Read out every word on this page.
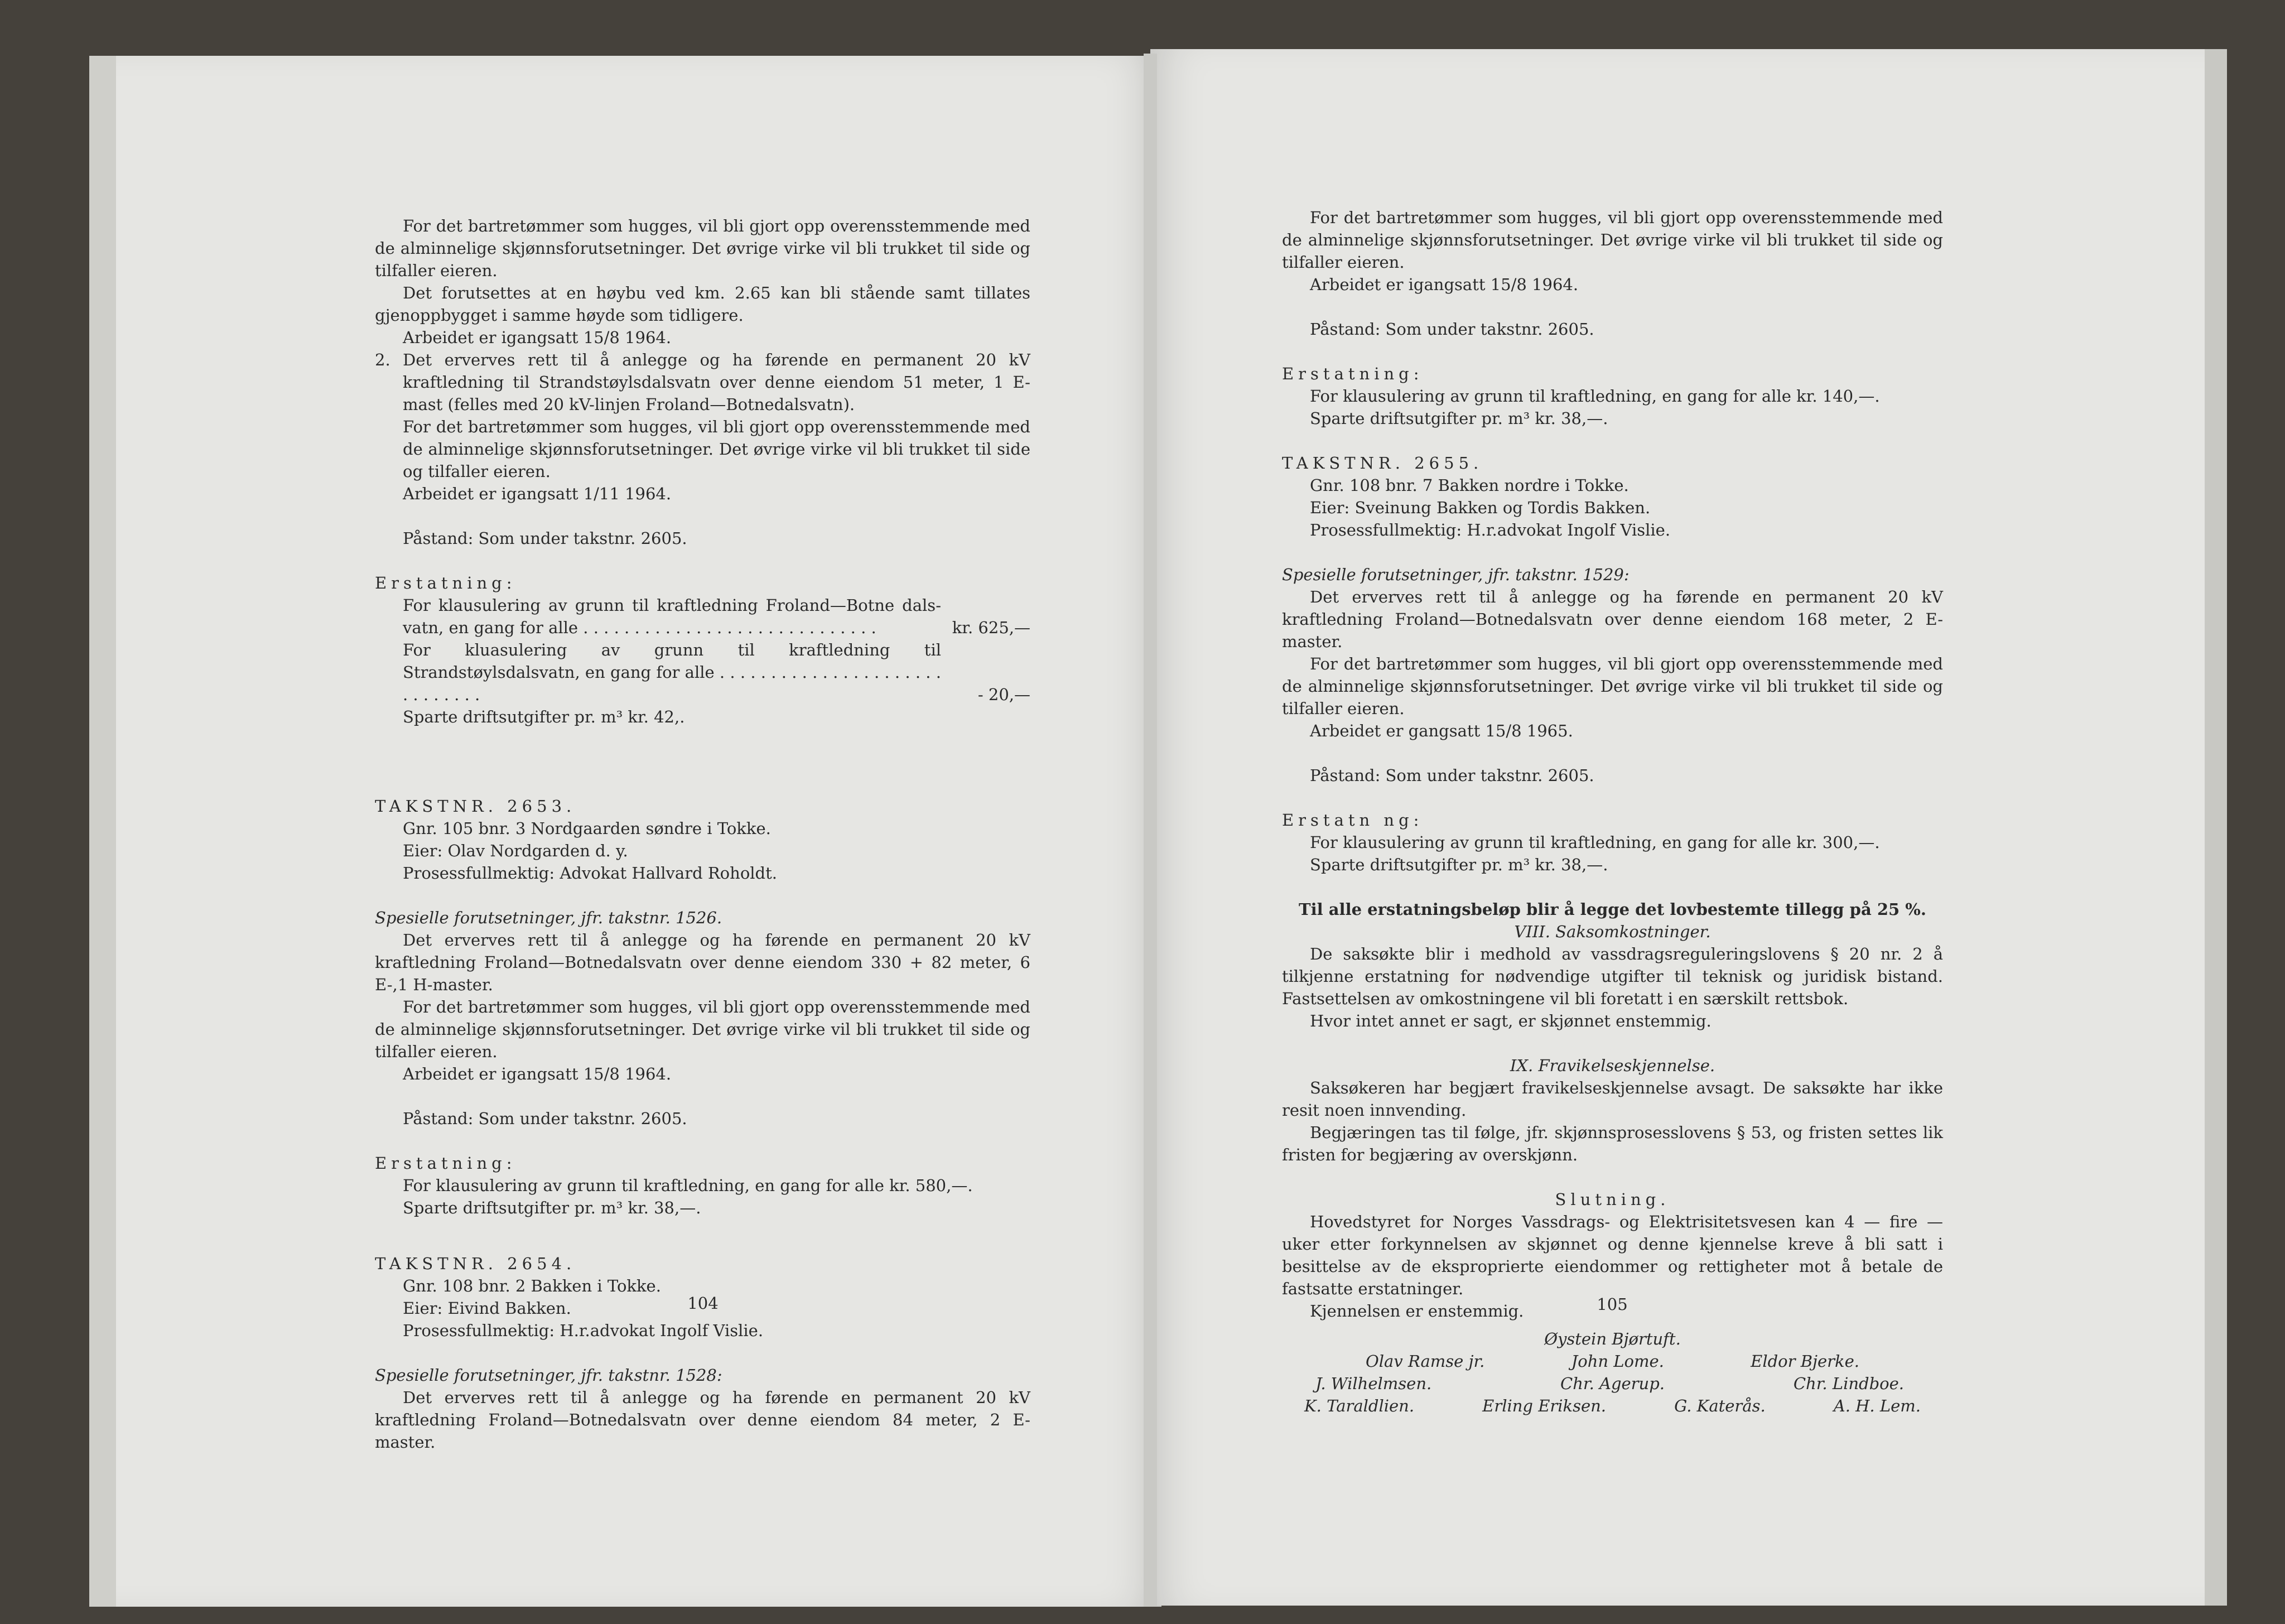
For det bartretømmer som hugges, vil bli gjort opp overensstemmende med de alminnelige skjønnsforutsetninger. Det øvrige virke vil bli trukket til side og tilfaller eieren.

Det forutsettes at en høybu ved km. 2.65 kan bli stående samt tillates gjenoppbygget i samme høyde som tidligere.

Arbeidet er igangsatt 15/8 1964.

2. Det erverves rett til å anlegge og ha førende en permanent 20 kV kraftledning til Strandstøylsdalsvatn over denne eiendom 51 meter, 1 E-mast (felles med 20 kV-linjen Froland—Botnedalsvatn).

For det bartretømmer som hugges, vil bli gjort opp overensstemmende med de alminnelige skjønnsforutsetninger. Det øvrige virke vil bli trukket til side og tilfaller eieren.

Arbeidet er igangsatt 1/11 1964.

Påstand: Som under takstnr. 2605.

Erstatning:

For klausulering av grunn til kraftledning Froland—Botne dals-vatn, en gang for alle . . . . . . . . . . . . . . . . . . . . . . . . . . . . .	kr. 625,—
For kluasulering av grunn til kraftledning til Strandstøylsdalsvatn, en gang for alle . . . . . . . . . . . . . . . . . . . . . . . . . . . . . .	- 20,—

Sparte driftsutgifter pr. m³ kr. 42,.

TAKSTNR. 2653.

Gnr. 105 bnr. 3 Nordgaarden søndre i Tokke.

Eier: Olav Nordgarden d. y.

Prosessfullmektig: Advokat Hallvard Roholdt.

Spesielle forutsetninger, jfr. takstnr. 1526.

Det erverves rett til å anlegge og ha førende en permanent 20 kV kraftledning Froland—Botnedalsvatn over denne eiendom 330 + 82 meter, 6 E-,1 H-master.

For det bartretømmer som hugges, vil bli gjort opp overensstemmende med de alminnelige skjønnsforutsetninger. Det øvrige virke vil bli trukket til side og tilfaller eieren.

Arbeidet er igangsatt 15/8 1964.

Påstand: Som under takstnr. 2605.

Erstatning:

For klausulering av grunn til kraftledning, en gang for alle kr. 580,—.

Sparte driftsutgifter pr. m³ kr. 38,—.

TAKSTNR. 2654.

Gnr. 108 bnr. 2 Bakken i Tokke.

Eier: Eivind Bakken.

Prosessfullmektig: H.r.advokat Ingolf Vislie.

Spesielle forutsetninger, jfr. takstnr. 1528:

Det erverves rett til å anlegge og ha førende en permanent 20 kV kraftledning Froland—Botnedalsvatn over denne eiendom 84 meter, 2 E-master.

104

For det bartretømmer som hugges, vil bli gjort opp overensstemmende med de alminnelige skjønnsforutsetninger. Det øvrige virke vil bli trukket til side og tilfaller eieren.

Arbeidet er igangsatt 15/8 1964.

Påstand: Som under takstnr. 2605.

Erstatning:

For klausulering av grunn til kraftledning, en gang for alle kr. 140,—.

Sparte driftsutgifter pr. m³ kr. 38,—.

TAKSTNR. 2655.

Gnr. 108 bnr. 7 Bakken nordre i Tokke.

Eier: Sveinung Bakken og Tordis Bakken.

Prosessfullmektig: H.r.advokat Ingolf Vislie.

Spesielle forutsetninger, jfr. takstnr. 1529:

Det erverves rett til å anlegge og ha førende en permanent 20 kV kraftledning Froland—Botnedalsvatn over denne eiendom 168 meter, 2 E-master.

For det bartretømmer som hugges, vil bli gjort opp overensstemmende med de alminnelige skjønnsforutsetninger. Det øvrige virke vil bli trukket til side og tilfaller eieren.

Arbeidet er gangsatt 15/8 1965.

Påstand: Som under takstnr. 2605.

Erstatn ng:

For klausulering av grunn til kraftledning, en gang for alle kr. 300,—.

Sparte driftsutgifter pr. m³ kr. 38,—.

Til alle erstatningsbeløp blir å legge det lovbestemte tillegg på 25 %.

VIII. Saksomkostninger.

De saksøkte blir i medhold av vassdragsreguleringslovens § 20 nr. 2 å tilkjenne erstatning for nødvendige utgifter til teknisk og juridisk bistand. Fastsettelsen av omkostningene vil bli foretatt i en særskilt rettsbok.

Hvor intet annet er sagt, er skjønnet enstemmig.

IX. Fravikelseskjennelse.

Saksøkeren har begjært fravikelseskjennelse avsagt. De saksøkte har ikke resit noen innvending.

Begjæringen tas til følge, jfr. skjønnsprosesslovens § 53, og fristen settes lik fristen for begjæring av overskjønn.

Slutning.

Hovedstyret for Norges Vassdrags- og Elektrisitetsvesen kan 4 — fire — uker etter forkynnelsen av skjønnet og denne kjennelse kreve å bli satt i besittelse av de eksproprierte eiendommer og rettigheter mot å betale de fastsatte erstatninger.

Kjennelsen er enstemmig.

Øystein Bjørtuft.

Olav Ramse jr.	John Lome.	Eldor Bjerke.
J. Wilhelmsen.	Chr. Agerup.	Chr. Lindboe.
K. Taraldlien.	Erling Eriksen.	G. Katerås.	A. H. Lem.
105
